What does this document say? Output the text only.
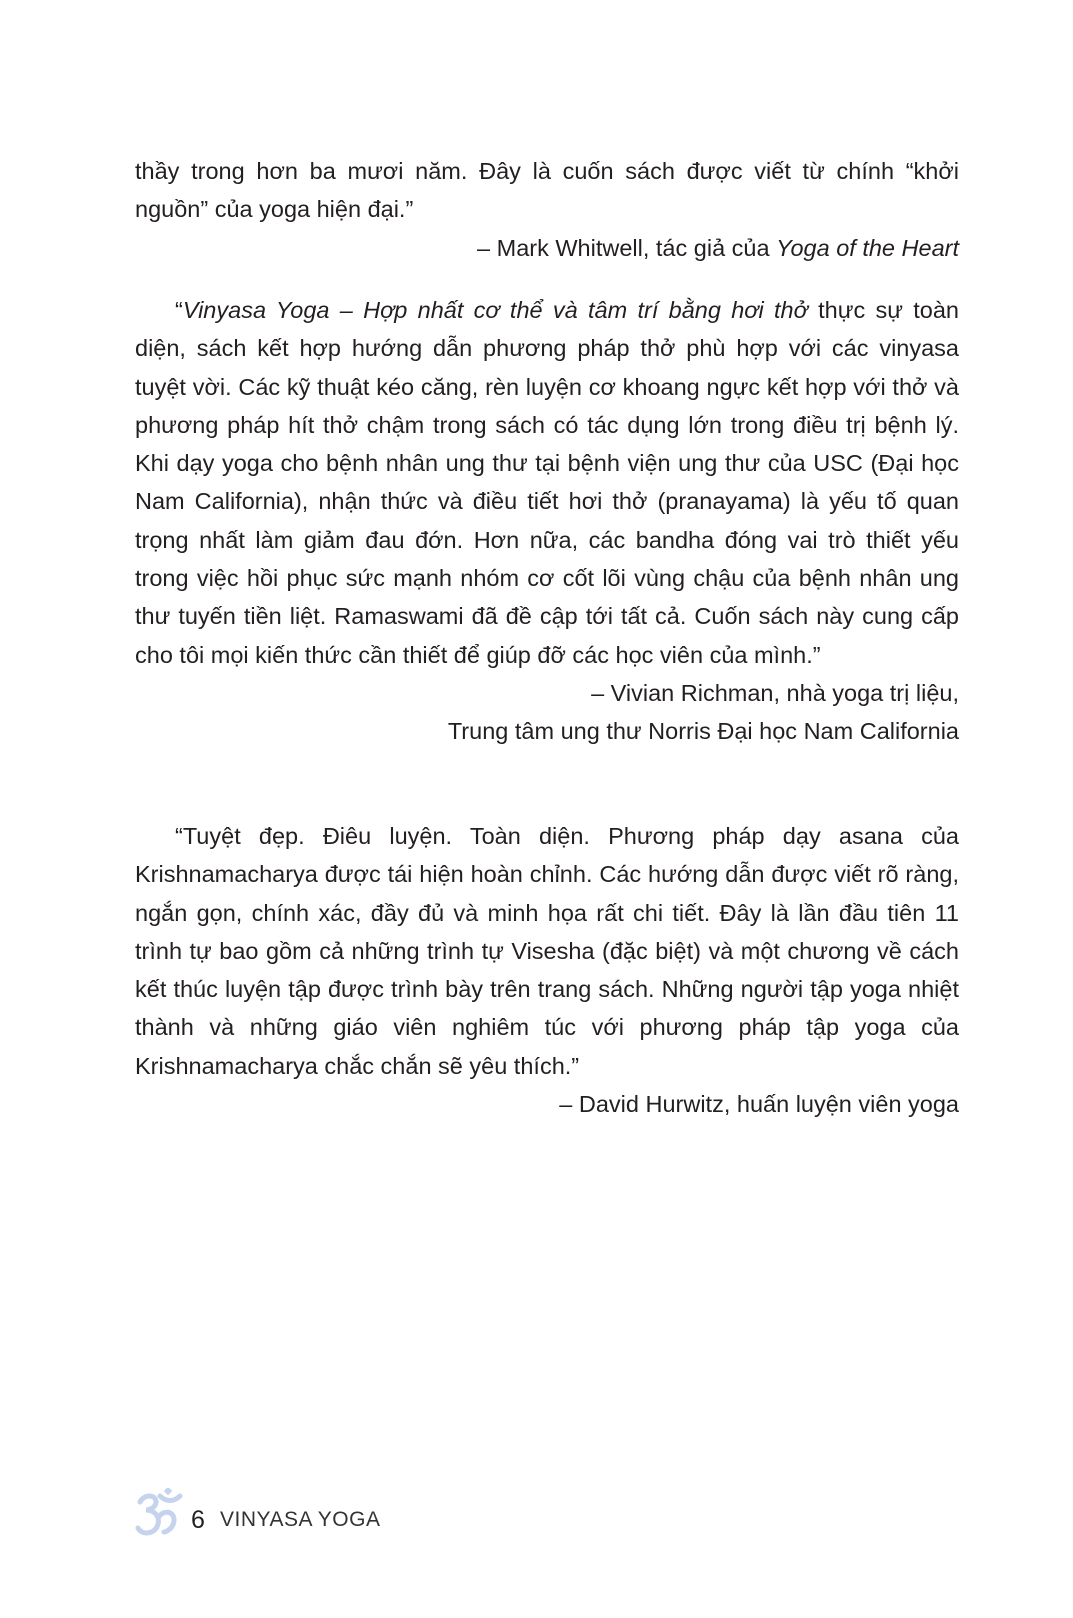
thầy trong hơn ba mươi năm. Đây là cuốn sách được viết từ chính “khởi nguồn” của yoga hiện đại.”

– Mark Whitwell, tác giả của Yoga of the Heart

“Vinyasa Yoga – Hợp nhất cơ thể và tâm trí bằng hơi thở thực sự toàn diện, sách kết hợp hướng dẫn phương pháp thở phù hợp với các vinyasa tuyệt vời. Các kỹ thuật kéo căng, rèn luyện cơ khoang ngực kết hợp với thở và phương pháp hít thở chậm trong sách có tác dụng lớn trong điều trị bệnh lý. Khi dạy yoga cho bệnh nhân ung thư tại bệnh viện ung thư của USC (Đại học Nam California), nhận thức và điều tiết hơi thở (pranayama) là yếu tố quan trọng nhất làm giảm đau đớn. Hơn nữa, các bandha đóng vai trò thiết yếu trong việc hồi phục sức mạnh nhóm cơ cốt lõi vùng chậu của bệnh nhân ung thư tuyến tiền liệt. Ramaswami đã đề cập tới tất cả. Cuốn sách này cung cấp cho tôi mọi kiến thức cần thiết để giúp đỡ các học viên của mình.”

– Vivian Richman, nhà yoga trị liệu,

Trung tâm ung thư Norris Đại học Nam California

“Tuyệt đẹp. Điêu luyện. Toàn diện. Phương pháp dạy asana của Krishnamacharya được tái hiện hoàn chỉnh. Các hướng dẫn được viết rõ ràng, ngắn gọn, chính xác, đầy đủ và minh họa rất chi tiết. Đây là lần đầu tiên 11 trình tự bao gồm cả những trình tự Visesha (đặc biệt) và một chương về cách kết thúc luyện tập được trình bày trên trang sách. Những người tập yoga nhiệt thành và những giáo viên nghiêm túc với phương pháp tập yoga của Krishnamacharya chắc chắn sẽ yêu thích.”

– David Hurwitz, huấn luyện viên yoga

6 VINYASA YOGA
